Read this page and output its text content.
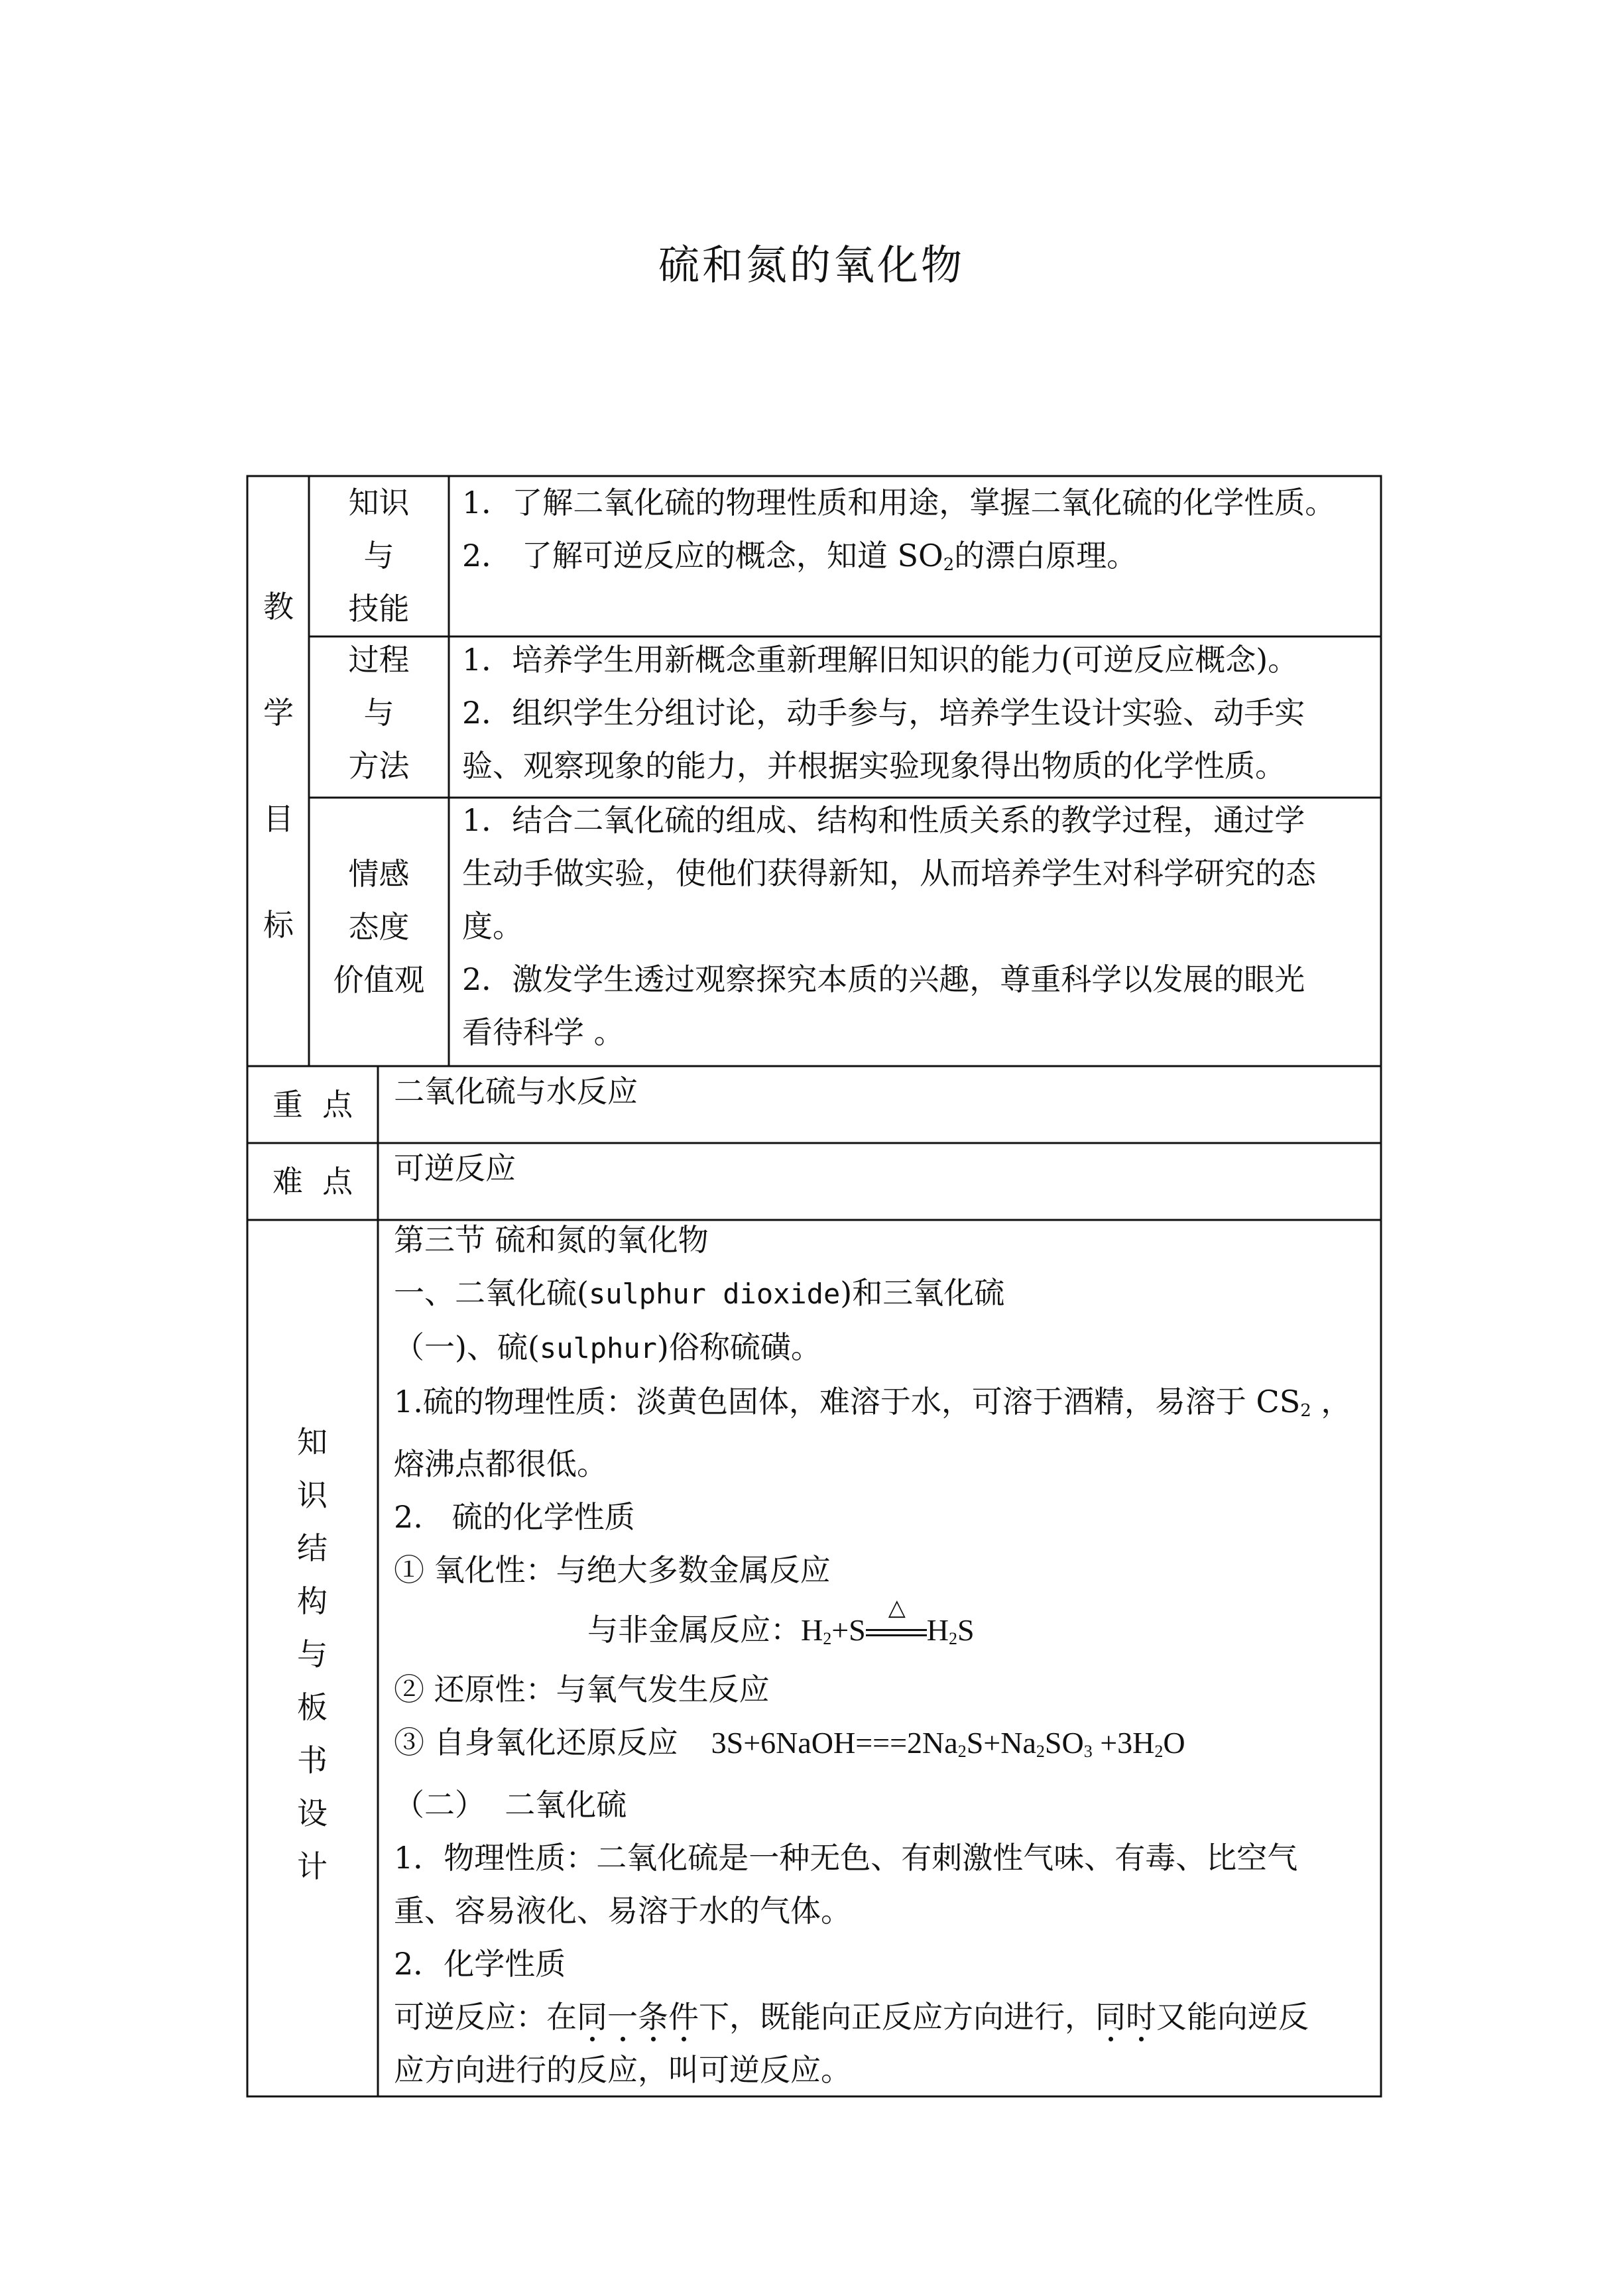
硫和氮的氧化物
教
学
目
标
知识
与
技能
1．了解二氧化硫的物理性质和用途，掌握二氧化硫的化学性质。
2． 了解可逆反应的概念，知道 $SO_2$的漂白原理。
过程
与
方法
1．培养学生用新概念重新理解旧知识的能力(可逆反应概念)。
2．组织学生分组讨论，动手参与，培养学生设计实验、动手实
验、观察现象的能力，并根据实验现象得出物质的化学性质。
情感
态度
价值观
1．结合二氧化硫的组成、结构和性质关系的教学过程，通过学
生动手做实验，使他们获得新知，从而培养学生对科学研究的态
度。
2．激发学生透过观察探究本质的兴趣，尊重科学以发展的眼光
看待科学 。
重  点	二氧化硫与水反应
难  点	可逆反应
知
识
结
构
与
板
书
设
计
第三节 硫和氮的氧化物
一、二氧化硫(sulphur dioxide)和三氧化硫
（一)、硫(sulphur)俗称硫磺。
1.硫的物理性质：淡黄色固体，难溶于水，可溶于酒精，易溶于 $CS_2$ ，
熔沸点都很低。
2.   硫的化学性质
① 氧化性：与绝大多数金属反应
与非金属反应：$H_2+S$
△
$H_2S$
② 还原性：与氧气发生反应
③ 自身氧化还原反应 $3S+6NaOH===2Na_2S+Na_2SO_3 +3H_2O$
（二）  二氧化硫
1．物理性质：二氧化硫是一种无色、有刺激性气味、有毒、比空气
重、容易液化、易溶于水的气体。
2．化学性质
可逆反应：在同一条件下，既能向正反应方向进行，同时又能向逆反
应方向进行的反应，叫可逆反应。
